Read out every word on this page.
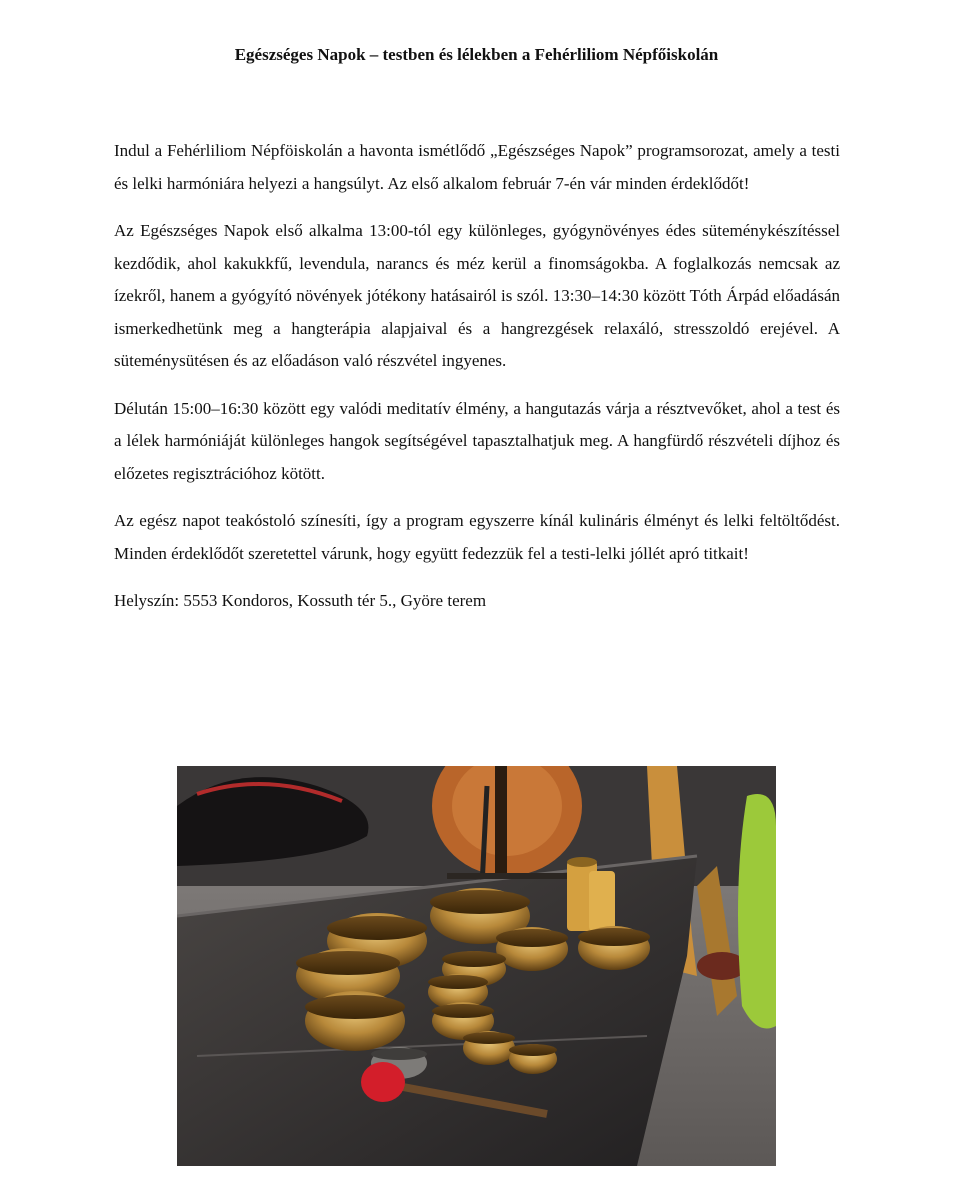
Egészséges Napok – testben és lélekben a Fehérliliom Népfőiskolán

Indul a Fehérliliom Népföiskolán a havonta ismétlődő „Egészséges Napok” programsorozat, amely a testi és lelki harmóniára helyezi a hangsúlyt. Az első alkalom február 7-én vár minden érdeklődőt!

Az Egészséges Napok első alkalma 13:00-tól egy különleges, gyógynövényes édes süteménykészítéssel kezdődik, ahol kakukkfű, levendula, narancs és méz kerül a finomságokba. A foglalkozás nemcsak az ízekről, hanem a gyógyító növények jótékony hatásairól is szól. 13:30–14:30 között Tóth Árpád előadásán ismerkedhetünk meg a hangterápia alapjaival és a hangrezgések relaxáló, stresszoldó erejével. A süteménysütésen és az előadáson való részvétel ingyenes.

Délután 15:00–16:30 között egy valódi meditatív élmény, a hangutazás várja a résztvevőket, ahol a test és a lélek harmóniáját különleges hangok segítségével tapasztalhatjuk meg. A hangfürdő részvételi díjhoz és előzetes regisztrációhoz kötött.

Az egész napot teakóstoló színesíti, így a program egyszerre kínál kulináris élményt és lelki feltöltődést. Minden érdeklődőt szeretettel várunk, hogy együtt fedezzük fel a testi-lelki jóllét apró titkait!

Helyszín: 5553 Kondoros, Kossuth tér 5., Györe terem
